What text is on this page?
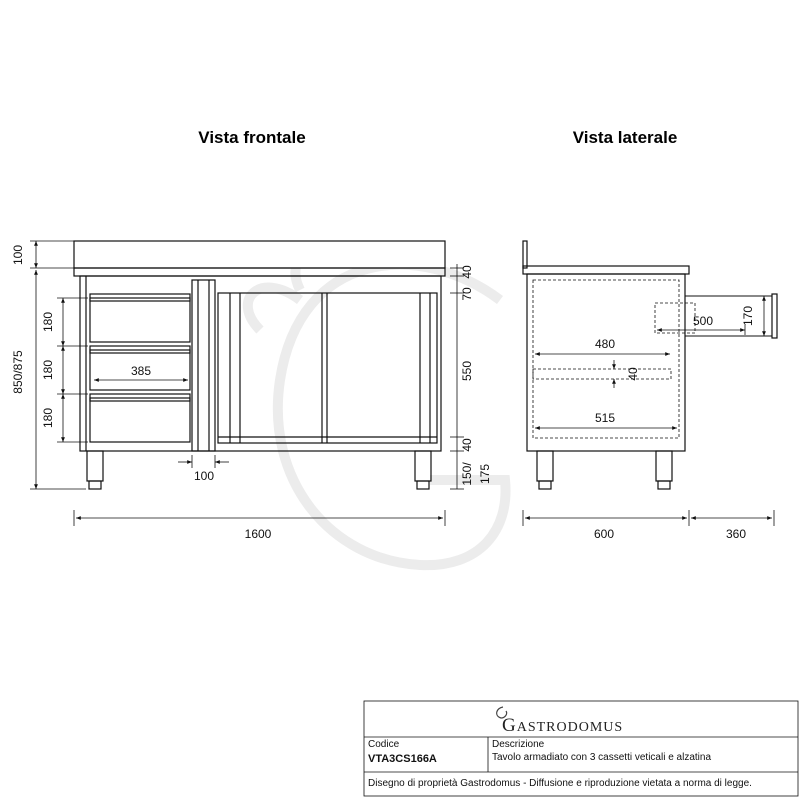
Vista frontale	Vista laterale
100
850/875
180
180
180
385
100
1600
70
40
550
40
150/ 175
500 170
480
40
515
600	360
GASTRODOMUS
Codice
VTA3CS166A
Descrizione
Tavolo armadiato con 3 cassetti veticali e alzatina
Disegno di proprietà Gastrodomus - Diffusione e riproduzione vietata a norma di legge.
